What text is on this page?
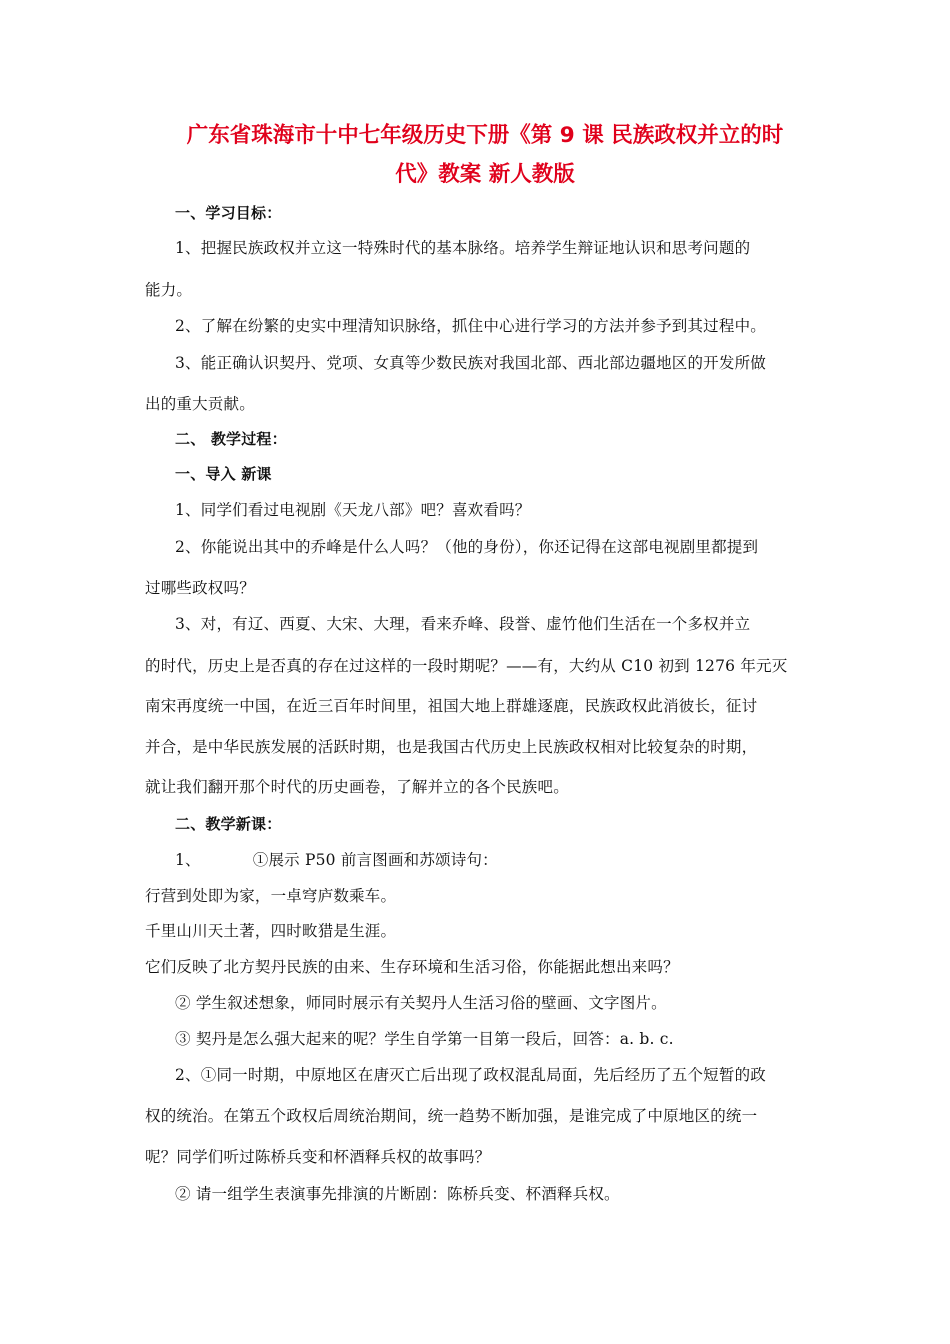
广东省珠海市十中七年级历史下册《第 9 课 民族政权并立的时
代》教案 新人教版
一、学习目标：
1、把握民族政权并立这一特殊时代的基本脉络。培养学生辩证地认识和思考问题的
能力。
2、了解在纷繁的史实中理清知识脉络，抓住中心进行学习的方法并参予到其过程中。
3、能正确认识契丹、党项、女真等少数民族对我国北部、西北部边疆地区的开发所做
出的重大贡献。
二、 教学过程：
一、导入 新课
1、同学们看过电视剧《天龙八部》吧？喜欢看吗？
2、你能说出其中的乔峰是什么人吗？（他的身份），你还记得在这部电视剧里都提到
过哪些政权吗？
3、对，有辽、西夏、大宋、大理，看来乔峰、段誉、虚竹他们生活在一个多权并立
的时代，历史上是否真的存在过这样的一段时期呢？——有，大约从 C10 初到 1276 年元灭
南宋再度统一中国，在近三百年时间里，祖国大地上群雄逐鹿，民族政权此消彼长，征讨
并合，是中华民族发展的活跃时期，也是我国古代历史上民族政权相对比较复杂的时期，
就让我们翻开那个时代的历史画卷，了解并立的各个民族吧。
二、教学新课：
1、	①展示 P50 前言图画和苏颂诗句：
行营到处即为家，一卓穹庐数乘车。
千里山川天土著，四时畋猎是生涯。
它们反映了北方契丹民族的由来、生存环境和生活习俗，你能据此想出来吗？
② 学生叙述想象，师同时展示有关契丹人生活习俗的壁画、文字图片。
③ 契丹是怎么强大起来的呢？学生自学第一目第一段后，回答：a. b. c.
2、①同一时期，中原地区在唐灭亡后出现了政权混乱局面，先后经历了五个短暂的政
权的统治。在第五个政权后周统治期间，统一趋势不断加强，是谁完成了中原地区的统一
呢？同学们听过陈桥兵变和杯酒释兵权的故事吗？
② 请一组学生表演事先排演的片断剧：陈桥兵变、杯酒释兵权。
